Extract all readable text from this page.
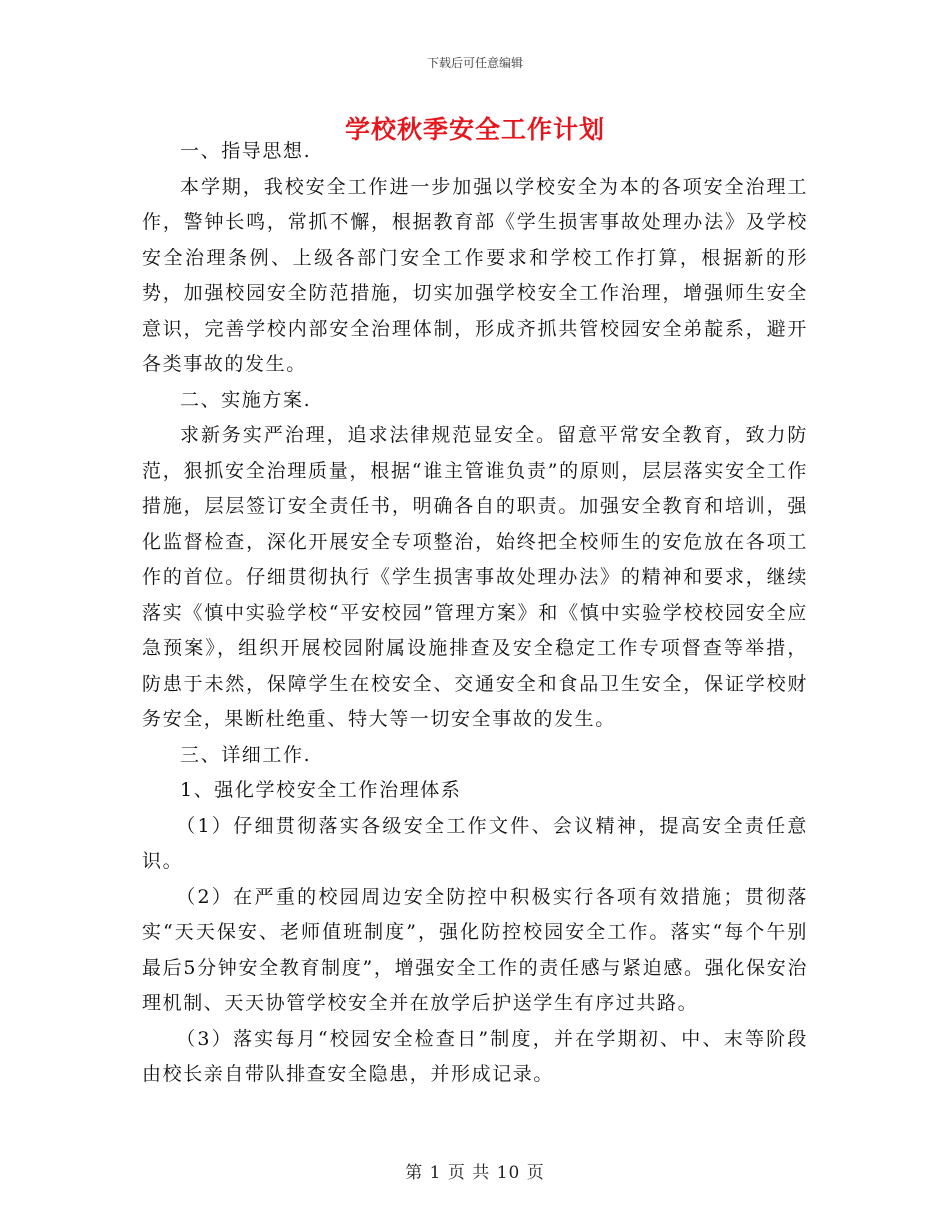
下载后可任意编辑
学校秋季安全工作计划

一、指导思想.

本学期，我校安全工作进一步加强以学校安全为本的各项安全治理工作，警钟长鸣，常抓不懈，根据教育部《学生损害事故处理办法》及学校安全治理条例、上级各部门安全工作要求和学校工作打算，根据新的形势，加强校园安全防范措施，切实加强学校安全工作治理，增强师生安全意识，完善学校内部安全治理体制，形成齐抓共管校园安全弟靛系，避开各类事故的发生。

二、实施方案.

求新务实严治理，追求法律规范显安全。留意平常安全教育，致力防范，狠抓安全治理质量，根据“谁主管谁负责”的原则，层层落实安全工作措施，层层签订安全责任书，明确各自的职责。加强安全教育和培训，强化监督检查，深化开展安全专项整治，始终把全校师生的安危放在各项工作的首位。仔细贯彻执行《学生损害事故处理办法》的精神和要求，继续落实《慎中实验学校“平安校园”管理方案》和《慎中实验学校校园安全应急预案》，组织开展校园附属设施排查及安全稳定工作专项督查等举措，防患于未然，保障学生在校安全、交通安全和食品卫生安全，保证学校财务安全，果断杜绝重、特大等一切安全事故的发生。

三、详细工作.

1、强化学校安全工作治理体系

（1）仔细贯彻落实各级安全工作文件、会议精神，提高安全责任意识。

（2）在严重的校园周边安全防控中积极实行各项有效措施；贯彻落实“天天保安、老师值班制度”，强化防控校园安全工作。落实“每个午别最后5分钟安全教育制度”，增强安全工作的责任感与紧迫感。强化保安治理机制、天天协管学校安全并在放学后护送学生有序过共路。

（3）落实每月“校园安全检查日”制度，并在学期初、中、末等阶段由校长亲自带队排查安全隐患，并形成记录。

第 1 页 共 10 页
